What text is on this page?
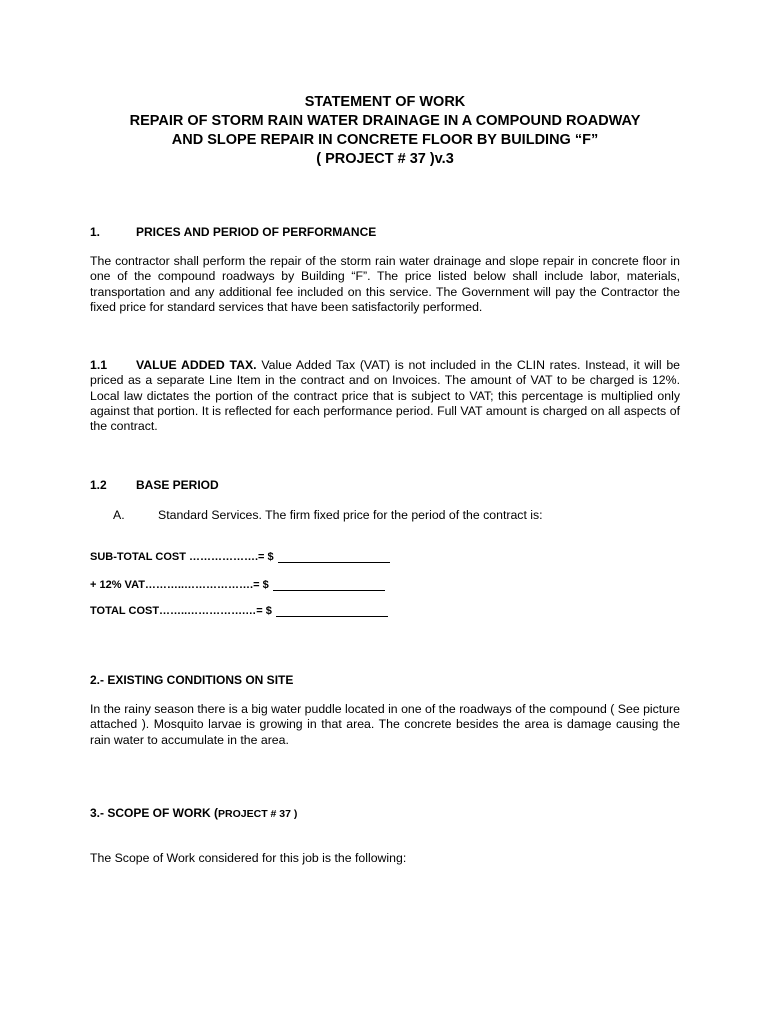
STATEMENT OF WORK
REPAIR OF STORM RAIN WATER DRAINAGE IN A COMPOUND ROADWAY
AND SLOPE REPAIR IN CONCRETE FLOOR BY BUILDING “F”
( PROJECT # 37 )v.3
1.	PRICES AND PERIOD OF PERFORMANCE
The contractor shall perform the repair of the storm rain water drainage and slope repair in concrete floor in one of the compound roadways by Building “F”. The price listed below shall include labor, materials, transportation and any additional fee included on this service. The Government will pay the Contractor the fixed price for standard services that have been satisfactorily performed.
1.1 VALUE ADDED TAX. Value Added Tax (VAT) is not included in the CLIN rates. Instead, it will be priced as a separate Line Item in the contract and on Invoices. The amount of VAT to be charged is 12%. Local law dictates the portion of the contract price that is subject to VAT; this percentage is multiplied only against that portion. It is reflected for each performance period. Full VAT amount is charged on all aspects of the contract.
1.2 BASE PERIOD
A.	Standard Services. The firm fixed price for the period of the contract is:
SUB-TOTAL COST ……………….= $
+ 12% VAT………..……………….= $
TOTAL COST……..…………….…= $
2.- EXISTING CONDITIONS ON SITE
In the rainy season there is a big water puddle located in one of the roadways of the compound ( See picture attached ). Mosquito larvae is growing in that area. The concrete besides the area is damage causing the rain water to accumulate in the area.
3.- SCOPE OF WORK (PROJECT # 37 )
The Scope of Work considered for this job is the following:
